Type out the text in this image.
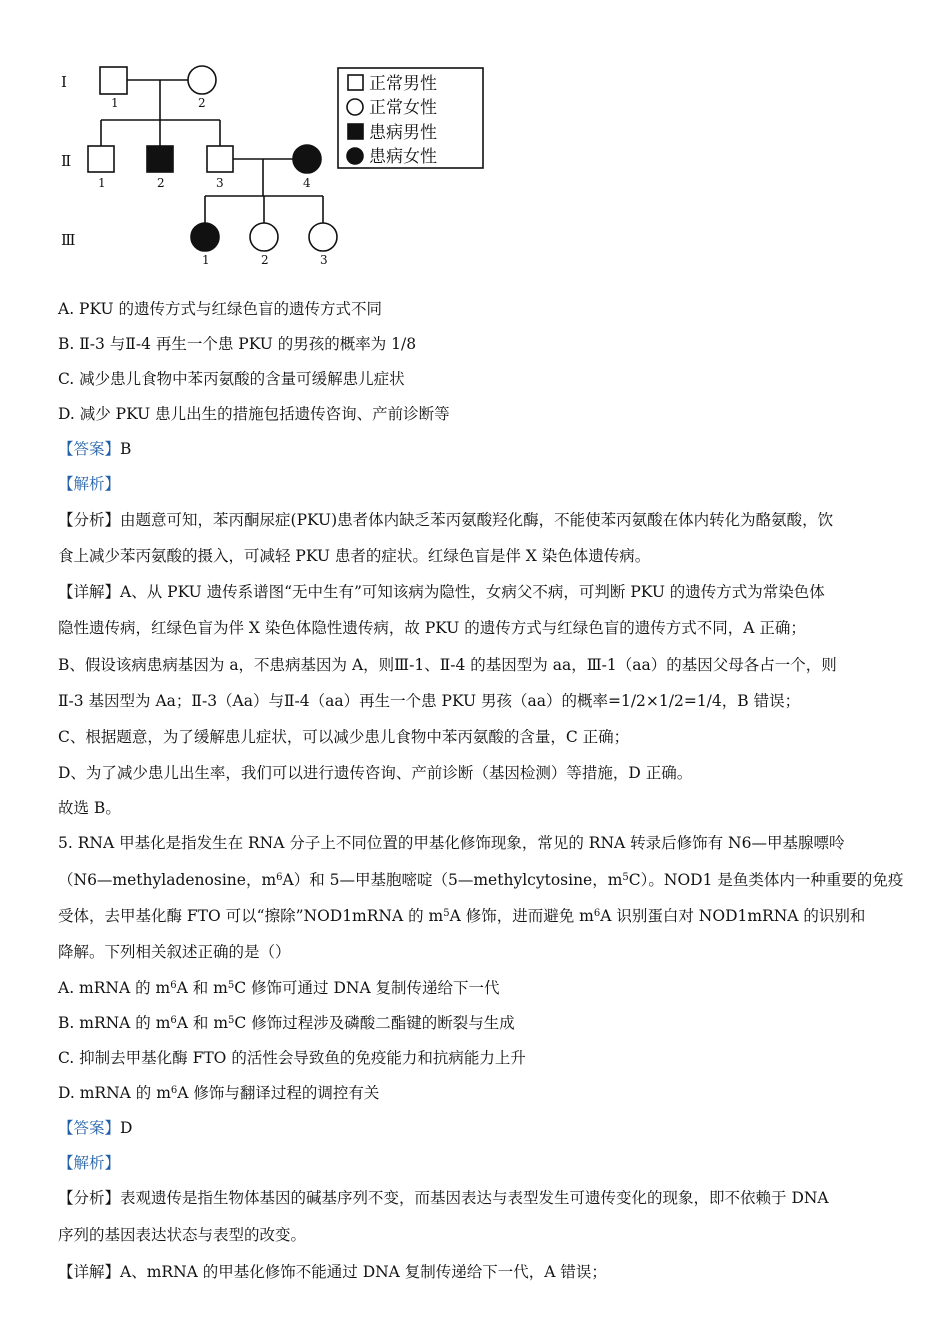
Ⅰ
Ⅱ
Ⅲ
1	2
1	2	3	4
1	2	3
正常男性
正常女性
患病男性
患病女性
A. PKU 的遗传方式与红绿色盲的遗传方式不同
B. Ⅱ-3 与Ⅱ-4 再生一个患 PKU 的男孩的概率为 1/8
C. 减少患儿食物中苯丙氨酸的含量可缓解患儿症状
D. 减少 PKU 患儿出生的措施包括遗传咨询、产前诊断等
【答案】B
【解析】
【分析】由题意可知，苯丙酮尿症(PKU)患者体内缺乏苯丙氨酸羟化酶，不能使苯丙氨酸在体内转化为酪氨酸，饮
食上减少苯丙氨酸的摄入，可减轻 PKU 患者的症状。红绿色盲是伴 X 染色体遗传病。
【详解】A、从 PKU 遗传系谱图“无中生有”可知该病为隐性，女病父不病，可判断 PKU 的遗传方式为常染色体
隐性遗传病，红绿色盲为伴 X 染色体隐性遗传病，故 PKU 的遗传方式与红绿色盲的遗传方式不同，A 正确；
B、假设该病患病基因为 a，不患病基因为 A，则Ⅲ-1、Ⅱ-4 的基因型为 aa，Ⅲ-1（aa）的基因父母各占一个，则
Ⅱ-3 基因型为 Aa；Ⅱ-3（Aa）与Ⅱ-4（aa）再生一个患 PKU 男孩（aa）的概率=1/2×1/2=1/4，B 错误；
C、根据题意，为了缓解患儿症状，可以减少患儿食物中苯丙氨酸的含量，C 正确；
D、为了减少患儿出生率，我们可以进行遗传咨询、产前诊断（基因检测）等措施，D 正确。
故选 B。
5. RNA 甲基化是指发生在 RNA 分子上不同位置的甲基化修饰现象，常见的 RNA 转录后修饰有 N6—甲基腺嘌呤
（N6—methyladenosine，$m^6A$）和 5—甲基胞嘧啶（5—methylcytosine，$m^5C$）。NOD1 是鱼类体内一种重要的免疫
受体，去甲基化酶 FTO 可以“擦除”NOD1mRNA 的 $m^5A$ 修饰，进而避免 $m^6A$ 识别蛋白对 NOD1mRNA 的识别和
降解。下列相关叙述正确的是（）
A. mRNA 的 $m^6A$ 和 $m^5C$ 修饰可通过 DNA 复制传递给下一代
B. mRNA 的 $m^6A$ 和 $m^5C$ 修饰过程涉及磷酸二酯键的断裂与生成
C. 抑制去甲基化酶 FTO 的活性会导致鱼的免疫能力和抗病能力上升
D. mRNA 的 $m^6A$ 修饰与翻译过程的调控有关
【答案】D
【解析】
【分析】表观遗传是指生物体基因的碱基序列不变，而基因表达与表型发生可遗传变化的现象，即不依赖于 DNA
序列的基因表达状态与表型的改变。
【详解】A、mRNA 的甲基化修饰不能通过 DNA 复制传递给下一代，A 错误；
